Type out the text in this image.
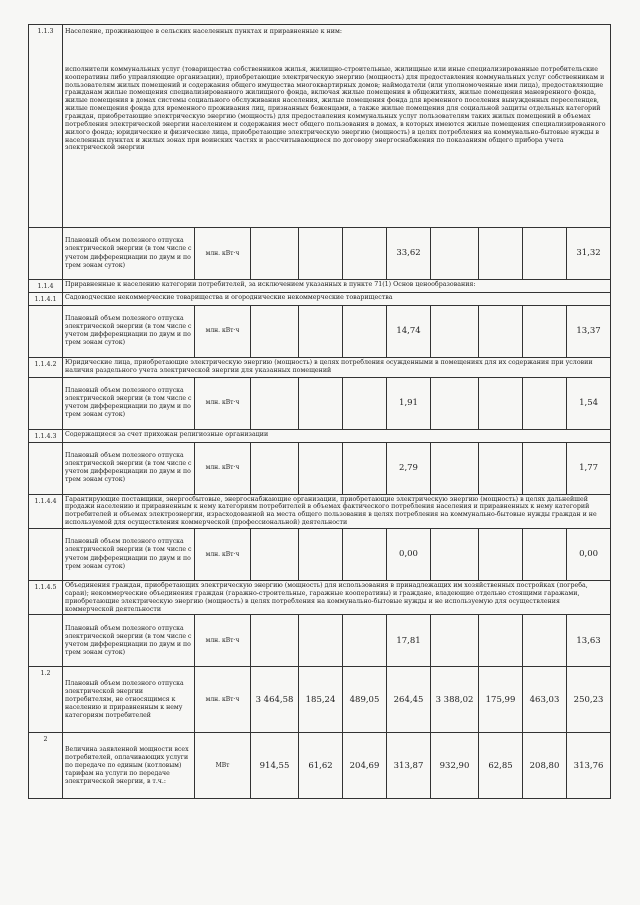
1.1.3	Население, проживающее в сельских населенных пунктах и приравненные к ним:
исполнители коммунальных услуг (товарищества собственников жилья, жилищно-строительные, жилищные или иные специализированные потребительские кооперативы либо управляющие организации), приобретающие электрическую энергию (мощность) для предоставления коммунальных услуг собственникам и пользователям жилых помещений и содержания общего имущества многоквартирных домов; наймодатели (или уполномоченные ими лица), предоставляющие гражданам жилые помещения специализированного жилищного фонда, включая жилые помещения в общежитиях, жилые помещения маневренного фонда, жилые помещения в домах системы социального обслуживания населения, жилые помещения фонда для временного поселения вынужденных переселенцев, жилые помещения фонда для временного проживания лиц, признанных беженцами, а также жилые помещения для социальной защиты отдельных категорий граждан, приобретающие электрическую энергию (мощность) для предоставления коммунальных услуг пользователям таких жилых помещений в объемах потребления электрической энергии населением и содержания мест общего пользования в домах, в которых имеются жилые помещения специализированного жилого фонда; юридические и физические лица, приобретающие электрическую энергию (мощность) в целях потребления на коммунально-бытовые нужды в населенных пунктах и жилых зонах при воинских частях и рассчитывающиеся по договору энергоснабжения по показаниям общего прибора учета электрической энергии									

	Плановый объем полезного отпуска электрической энергии (в том числе с учетом дифференциации по двум и по трем зонам суток)	млн. кВт·ч				33,62				31,32
1.1.4	Приравненные к населению категории потребителей, за исключением указанных в пункте 71(1) Основ ценообразования:									

1.1.4.1	Садоводческие некоммерческие товарищества и огороднические некоммерческие товарищества									

	Плановый объем полезного отпуска электрической энергии (в том числе с учетом дифференциации по двум и по трем зонам суток)	млн. кВт·ч				14,74				13,37
1.1.4.2	Юридические лица, приобретающие электрическую энергию (мощность) в целях потребления осужденными в помещениях для их содержания при условии наличия раздельного учета электрической энергии для указанных помещений									

	Плановый объем полезного отпуска электрической энергии (в том числе с учетом дифференциации по двум и по трем зонам суток)	млн. кВт·ч				1,91				1,54
1.1.4.3	Содержащиеся за счет прихожан религиозные организации									

	Плановый объем полезного отпуска электрической энергии (в том числе с учетом дифференциации по двум и по трем зонам суток)	млн. кВт·ч				2,79				1,77
1.1.4.4	Гарантирующие поставщики, энергосбытовые, энергоснабжающие организации, приобретающие электрическую энергию (мощность) в целях дальнейшей продажи населению и приравненным к нему категориям потребителей в объемах фактического потребления населения и приравненных к нему категорий потребителей и объемах электроэнергии, израсходованной на места общего пользования в целях потребления на коммунально-бытовые нужды граждан и не используемой для осуществления коммерческой (профессиональной) деятельности									

	Плановый объем полезного отпуска электрической энергии (в том числе с учетом дифференциации по двум и по трем зонам суток)	млн. кВт·ч				0,00				0,00
1.1.4.5	Объединения граждан, приобретающих электрическую энергию (мощность) для использования в принадлежащих им хозяйственных постройках (погреба, сараи); некоммерческие объединения граждан (гаражно-строительные, гаражные кооперативы) и граждане, владеющие отдельно стоящими гаражами, приобретающие электрическую энергию (мощность) в целях потребления на коммунально-бытовые нужды и не используемую для осуществления коммерческой деятельности									

	Плановый объем полезного отпуска электрической энергии (в том числе с учетом дифференциации по двум и по трем зонам суток)	млн. кВт·ч				17,81				13,63
1.2	Плановый объем полезного отпуска электрической энергии потребителям, не относящимся к населению и приравненным к нему категориям потребителей	млн. кВт·ч	3 464,58	185,24	489,05	264,45	3 388,02	175,99	463,03	250,23
2	Величина заявленной мощности всех потребителей, оплачивающих услуги по передаче по единым (котловым) тарифам на услуги по передаче электрической энергии, в т.ч.:	МВт	914,55	61,62	204,69	313,87	932,90	62,85	208,80	313,76
